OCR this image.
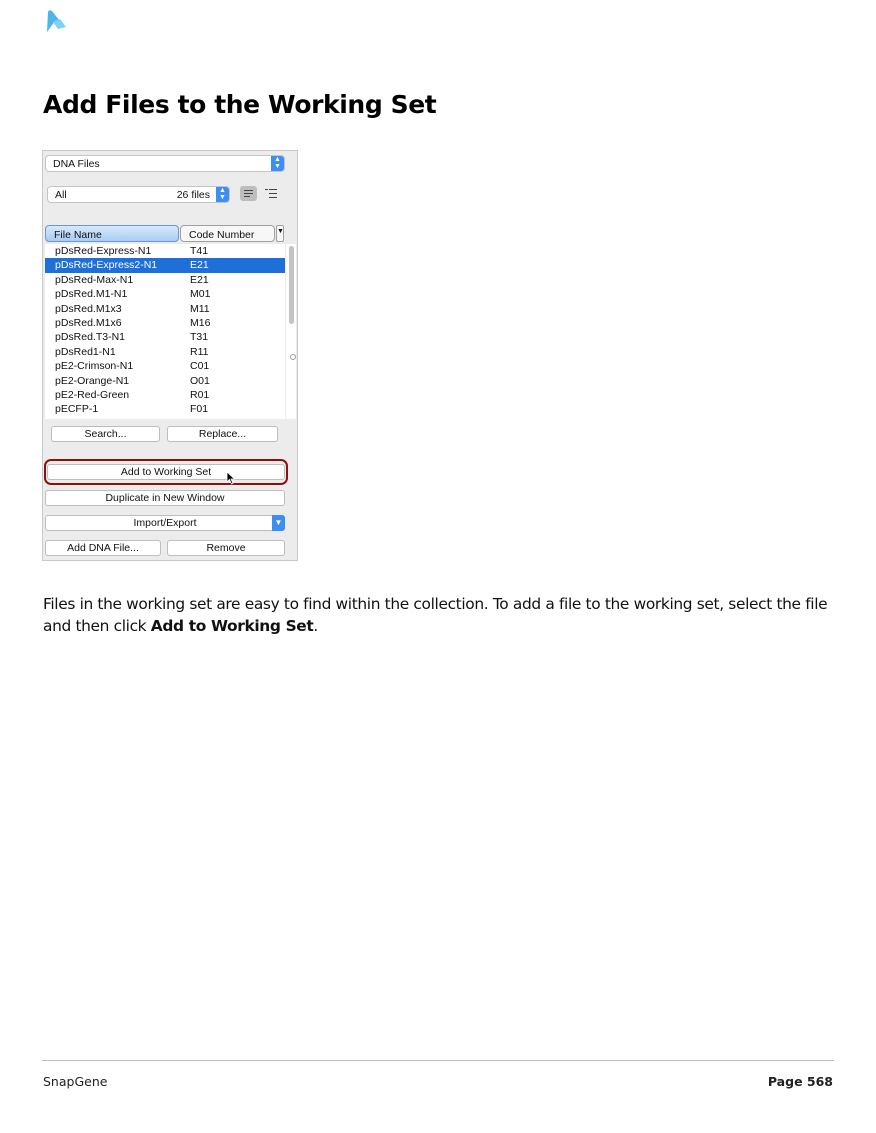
Add Files to the Working Set
DNA Files	▲
▼
All	26 files	▲
▼
File Name	Code Number	▼
pDsRed-Express-N1	T41
pDsRed-Express2-N1	E21
pDsRed-Max-N1	E21
pDsRed.M1-N1	M01
pDsRed.M1x3	M11
pDsRed.M1x6	M16
pDsRed.T3-N1	T31
pDsRed1-N1	R11
pE2-Crimson-N1	C01
pE2-Orange-N1	O01
pE2-Red-Green	R01
pECFP-1	F01
Search...	Replace...
Add to Working Set
Duplicate in New Window
Import/Export	▼
Add DNA File...	Remove

Files in the working set are easy to find within the collection. To add a file to the working set, select the file and then click Add to Working Set.

SnapGene	Page 568
